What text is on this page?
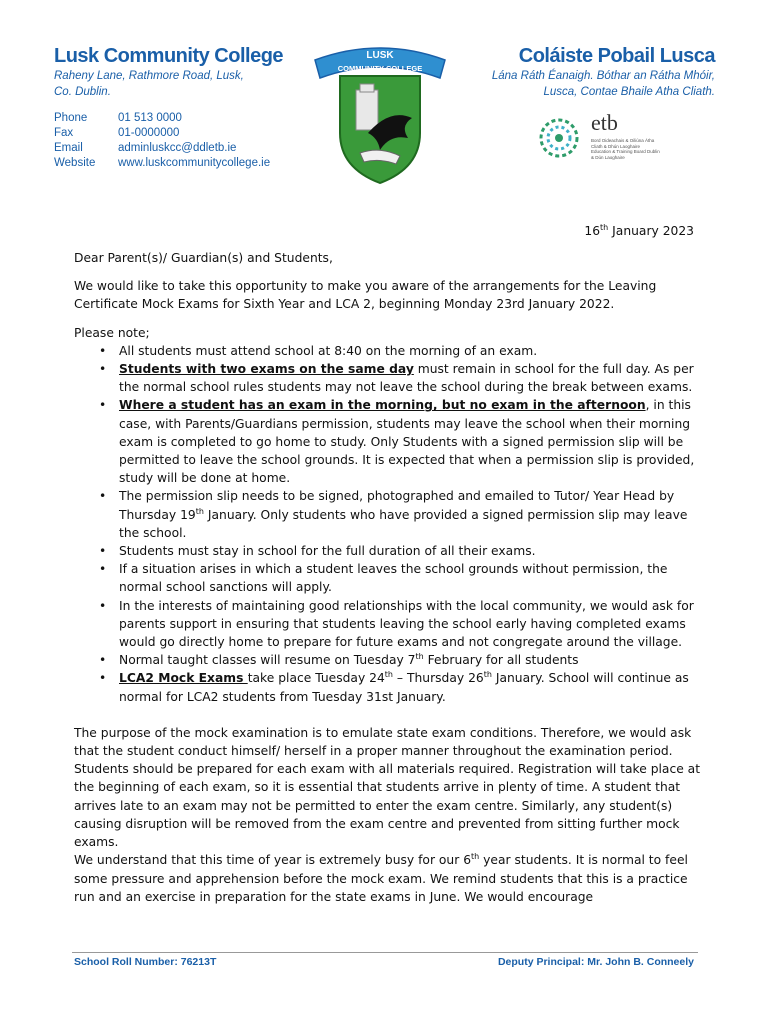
Lusk Community College
Raheny Lane, Rathmore Road, Lusk,
Co. Dublin.
Phone	01 513 0000
Fax	01-0000000
Email	adminluskcc@ddletb.ie
Website	www.luskcommunitycollege.ie
LUSK
COMMUNITY COLLEGE
Coláiste Pobail Lusca
Lána Ráth Éanaigh. Bóthar an Rátha Mhóir,
Lusca, Contae Bhaile Atha Cliath.
etb
Bord Oideachais & Oiliúna Átha Cliath & Dhún Laoghaire Education & Training Board Dublin & Dún Laoghaire
16th January 2023

Dear Parent(s)/ Guardian(s) and Students,

We would like to take this opportunity to make you aware of the arrangements for the Leaving Certificate Mock Exams for Sixth Year and LCA 2, beginning Monday 23rd January 2022.

Please note;

• All students must attend school at 8:40 on the morning of an exam.
• Students with two exams on the same day must remain in school for the full day. As per the normal school rules students may not leave the school during the break between exams.
• Where a student has an exam in the morning, but no exam in the afternoon, in this case, with Parents/Guardians permission, students may leave the school when their morning exam is completed to go home to study. Only Students with a signed permission slip will be permitted to leave the school grounds. It is expected that when a permission slip is provided, study will be done at home.
• The permission slip needs to be signed, photographed and emailed to Tutor/ Year Head by Thursday 19th January. Only students who have provided a signed permission slip may leave the school.
• Students must stay in school for the full duration of all their exams.
• If a situation arises in which a student leaves the school grounds without permission, the normal school sanctions will apply.
• In the interests of maintaining good relationships with the local community, we would ask for parents support in ensuring that students leaving the school early having completed exams would go directly home to prepare for future exams and not congregate around the village.
• Normal taught classes will resume on Tuesday 7th February for all students
• LCA2 Mock Exams take place Tuesday 24th – Thursday 26th January. School will continue as normal for LCA2 students from Tuesday 31st January.

The purpose of the mock examination is to emulate state exam conditions. Therefore, we would ask that the student conduct himself/ herself in a proper manner throughout the examination period. Students should be prepared for each exam with all materials required. Registration will take place at the beginning of each exam, so it is essential that students arrive in plenty of time. A student that arrives late to an exam may not be permitted to enter the exam centre. Similarly, any student(s) causing disruption will be removed from the exam centre and prevented from sitting further mock exams.

We understand that this time of year is extremely busy for our 6th year students. It is normal to feel some pressure and apprehension before the mock exam. We remind students that this is a practice run and an exercise in preparation for the state exams in June. We would encourage

School Roll Number: 76213T	Deputy Principal: Mr. John B. Conneely
